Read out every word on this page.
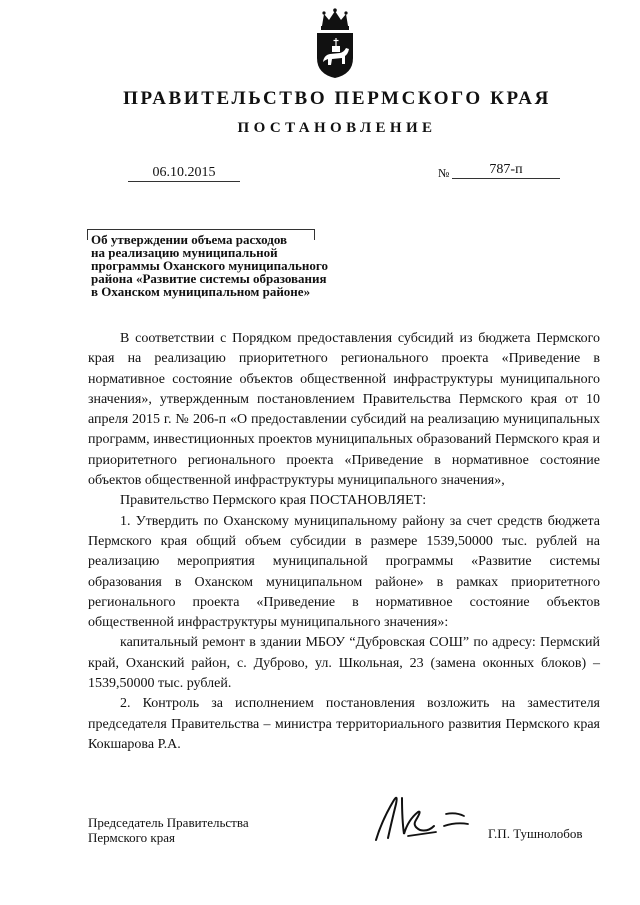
ПРАВИТЕЛЬСТВО ПЕРМСКОГО КРАЯ
ПОСТАНОВЛЕНИЕ
06.10.2015	№	787-п
Об утверждении объема расходов
на реализацию муниципальной
программы Оханского муниципального
района «Развитие системы образования
в Оханском муниципальном районе»

В соответствии с Порядком предоставления субсидий из бюджета Пермского края на реализацию приоритетного регионального проекта «Приведение в нормативное состояние объектов общественной инфраструктуры муниципального значения», утвержденным постановлением Правительства Пермского края от 10 апреля 2015 г. № 206-п «О предоставлении субсидий на реализацию муниципальных программ, инвестиционных проектов муниципальных образований Пермского края и приоритетного регионального проекта «Приведение в нормативное состояние объектов общественной инфраструктуры муниципального значения»,

Правительство Пермского края ПОСТАНОВЛЯЕТ:

1. Утвердить по Оханскому муниципальному району за счет средств бюджета Пермского края общий объем субсидии в размере 1539,50000 тыс. рублей на реализацию мероприятия муниципальной программы «Развитие системы образования в Оханском муниципальном районе» в рамках приоритетного регионального проекта «Приведение в нормативное состояние объектов общественной инфраструктуры муниципального значения»:

капитальный ремонт в здании МБОУ “Дубровская СОШ” по адресу: Пермский край, Оханский район, с. Дуброво, ул. Школьная, 23 (замена оконных блоков) – 1539,50000 тыс. рублей.

2. Контроль за исполнением постановления возложить на заместителя председателя Правительства – министра территориального развития Пермского края Кокшарова Р.А.

Председатель Правительства
Пермского края	Г.П. Тушнолобов
